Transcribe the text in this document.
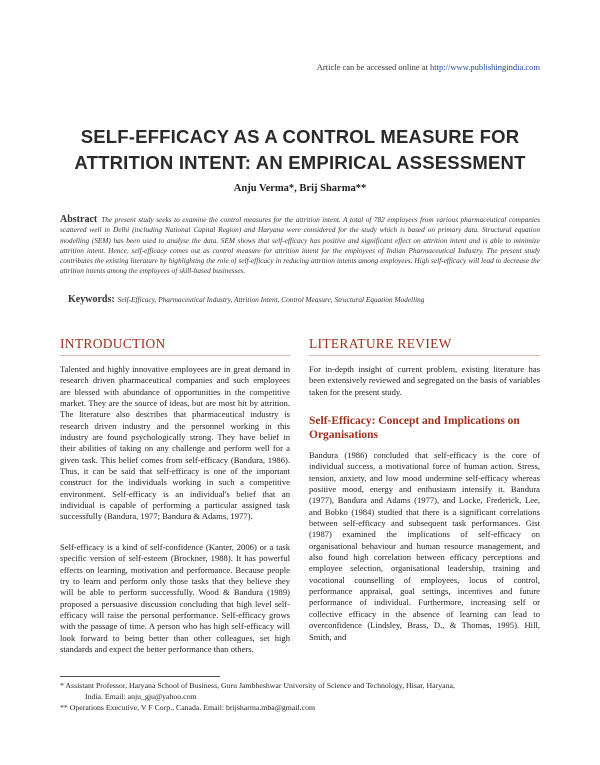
Article can be accessed online at http://www.publishingindia.com
SELF-EFFICACY AS A CONTROL MEASURE FOR
ATTRITION INTENT: AN EMPIRICAL ASSESSMENT
Anju Verma*, Brij Sharma**
Abstract The present study seeks to examine the control measures for the attrition intent. A total of 782 employees from various pharmaceutical companies scattered well in Delhi (including National Capital Region) and Haryana were considered for the study which is based on primary data. Structural equation modelling (SEM) has been used to analyse the data. SEM shows that self-efficacy has positive and significant effect on attrition intent and is able to minimize attrition intent. Hence, self-efficacy comes out as control measure for attrition intent for the employees of Indian Pharmaceutical Industry. The present study contributes the existing literature by highlighting the role of self-efficacy in reducing attrition intents among employees. High self-efficacy will lead to decrease the attrition intents among the employees of skill-based businesses.
Keywords: Self-Efficacy, Pharmaceutical Industry, Attrition Intent, Control Measure, Structural Equation Modelling
INTRODUCTION

Talented and highly innovative employees are in great demand in research driven pharmaceutical companies and such employees are blessed with abundance of opportunities in the competitive market. They are the source of ideas, but are most hit by attrition. The literature also describes that pharmaceutical industry is research driven industry and the personnel working in this industry are found psychologically strong. They have belief in their abilities of taking on any challenge and perform well for a given task. This belief comes from self-efficacy (Bandura, 1986). Thus, it can be said that self-efficacy is one of the important construct for the individuals working in such a competitive environment. Self-efficacy is an individual's belief that an individual is capable of performing a particular assigned task successfully (Bandura, 1977; Bandura & Adams, 1977).

Self-efficacy is a kind of self-confidence (Kanter, 2006) or a task specific version of self-esteem (Brockner, 1988). It has powerful effects on learning, motivation and performance. Because people try to learn and perform only those tasks that they believe they will be able to perform successfully. Wood & Bandura (1989) proposed a persuasive discussion concluding that high level self-efficacy will raise the personal performance. Self-efficacy grows with the passage of time. A person who has high self-efficacy will look forward to being better than other colleagues, set high standards and expect the better performance than others.

LITERATURE REVIEW

For in-depth insight of current problem, existing literature has been extensively reviewed and segregated on the basis of variables taken for the present study.

Self-Efficacy: Concept and Implications on
Organisations

Bandura (1986) concluded that self-efficacy is the core of individual success, a motivational force of human action. Stress, tension, anxiety, and low mood undermine self-efficacy whereas positive mood, energy and enthusiasm intensify it. Bandura (1977), Bandura and Adams (1977), and Locke, Frederick, Lee, and Bobko (1984) studied that there is a significant correlations between self-efficacy and subsequent task performances. Gist (1987) examined the implications of self-efficacy on organisational behaviour and human resource management, and also found high correlation between efficacy perceptions and employee selection, organisational leadership, training and vocational counselling of employees, locus of control, performance appraisal, goal settings, incentives and future performance of individual. Furthermore, increasing self or collective efficacy in the absence of learning can lead to overconfidence (Lindsley, Brass, D., & Thomas, 1995). Hill, Smith, and

* Assistant Professor, Haryana School of Business, Guru Jambheshwar University of Science and Technology, Hisar, Haryana,

India. Email: anju_gju@yahoo.com

** Operations Executive, V F Corp., Canada. Email: brijsharma.mba@gmail.com
